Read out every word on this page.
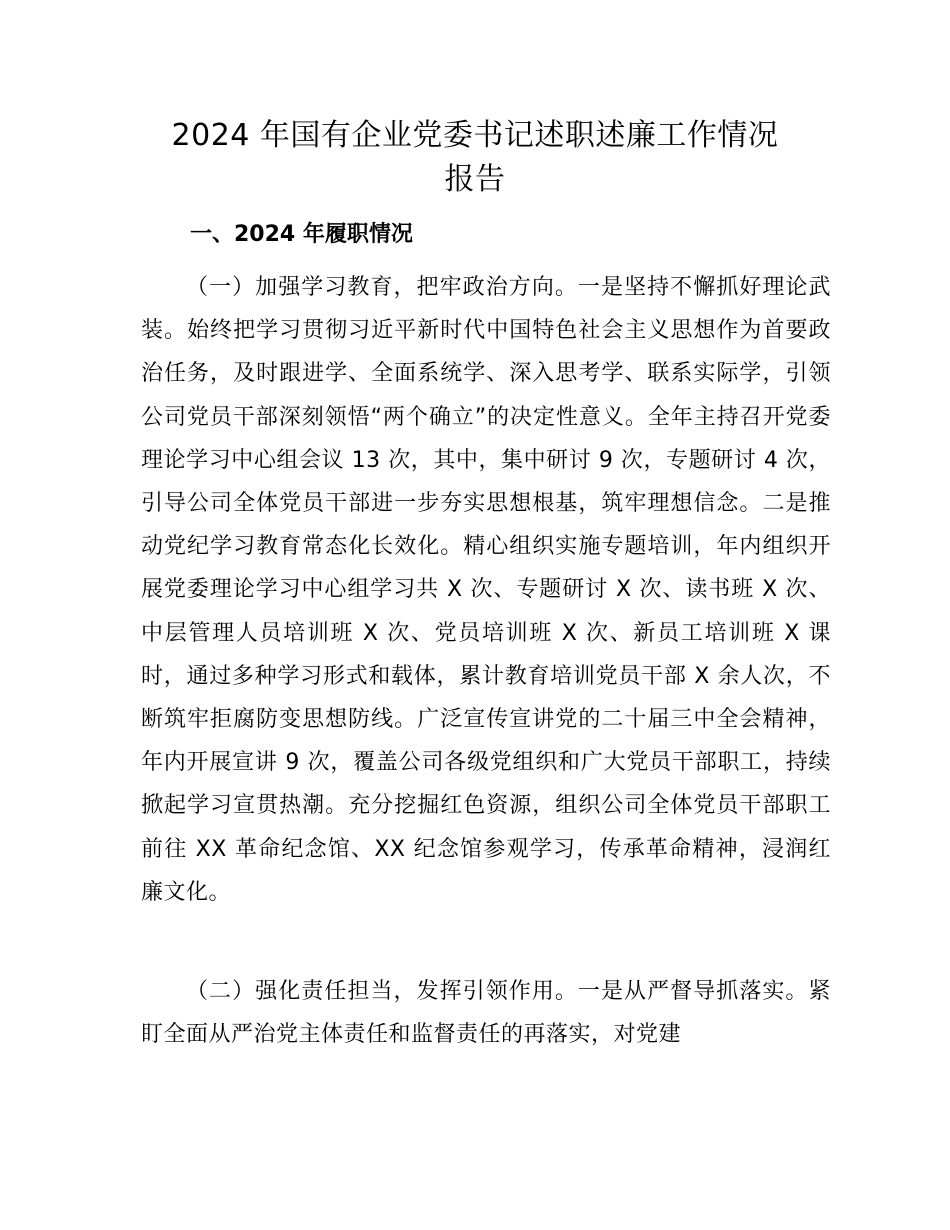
2024 年国有企业党委书记述职述廉工作情况
报告
一、2024 年履职情况

（一）加强学习教育，把牢政治方向。一是坚持不懈抓好理论武装。始终把学习贯彻习近平新时代中国特色社会主义思想作为首要政治任务，及时跟进学、全面系统学、深入思考学、联系实际学，引领公司党员干部深刻领悟“两个确立”的决定性意义。全年主持召开党委理论学习中心组会议 13 次，其中，集中研讨 9 次，专题研讨 4 次，引导公司全体党员干部进一步夯实思想根基，筑牢理想信念。二是推动党纪学习教育常态化长效化。精心组织实施专题培训，年内组织开展党委理论学习中心组学习共 X 次、专题研讨 X 次、读书班 X 次、中层管理人员培训班 X 次、党员培训班 X 次、新员工培训班 X 课时，通过多种学习形式和载体，累计教育培训党员干部 X 余人次，不断筑牢拒腐防变思想防线。广泛宣传宣讲党的二十届三中全会精神，年内开展宣讲 9 次，覆盖公司各级党组织和广大党员干部职工，持续掀起学习宣贯热潮。充分挖掘红色资源，组织公司全体党员干部职工前往 XX 革命纪念馆、XX 纪念馆参观学习，传承革命精神，浸润红廉文化。

（二）强化责任担当，发挥引领作用。一是从严督导抓落实。紧盯全面从严治党主体责任和监督责任的再落实，对党建
